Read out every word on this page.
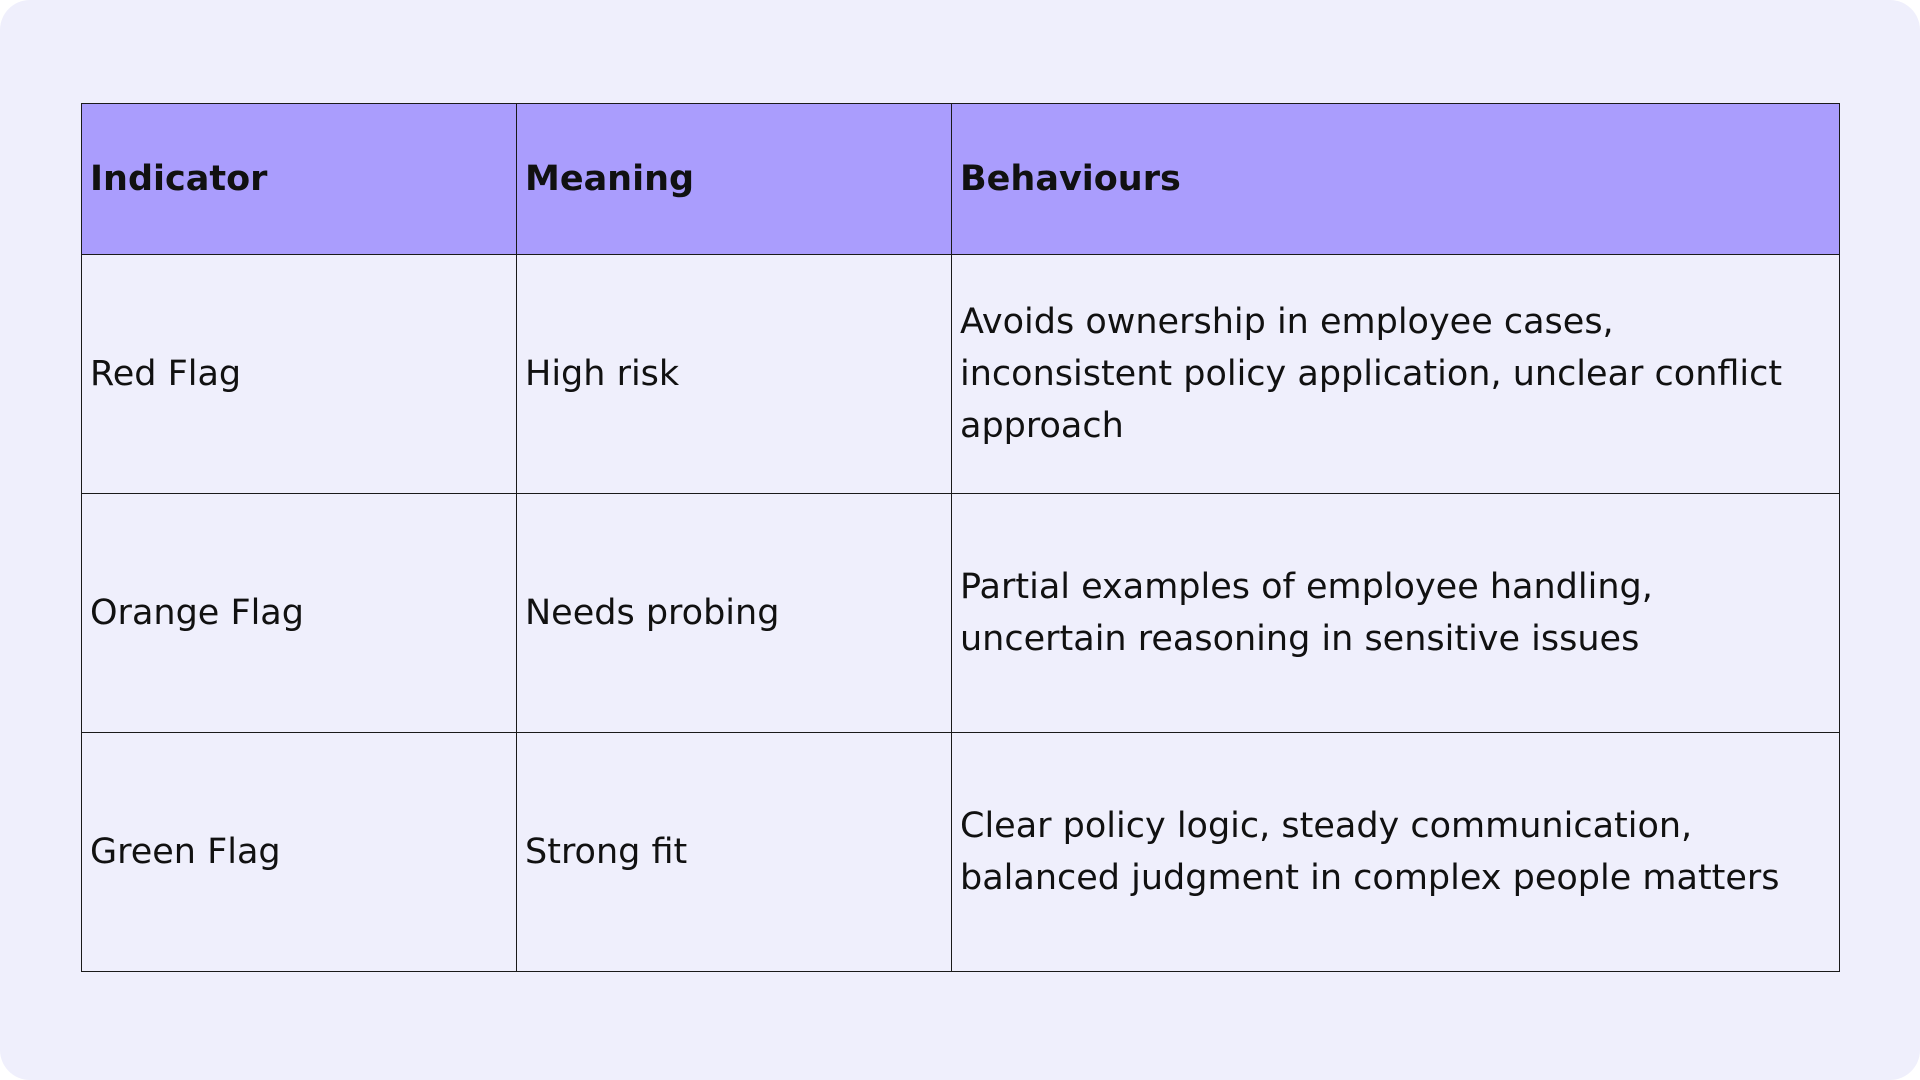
Indicator	Meaning	Behaviours
Red Flag	High risk	Avoids ownership in employee cases, inconsistent policy application, unclear conflict approach
Orange Flag	Needs probing	Partial examples of employee handling, uncertain reasoning in sensitive issues
Green Flag	Strong fit	Clear policy logic, steady communication, balanced judgment in complex people matters
